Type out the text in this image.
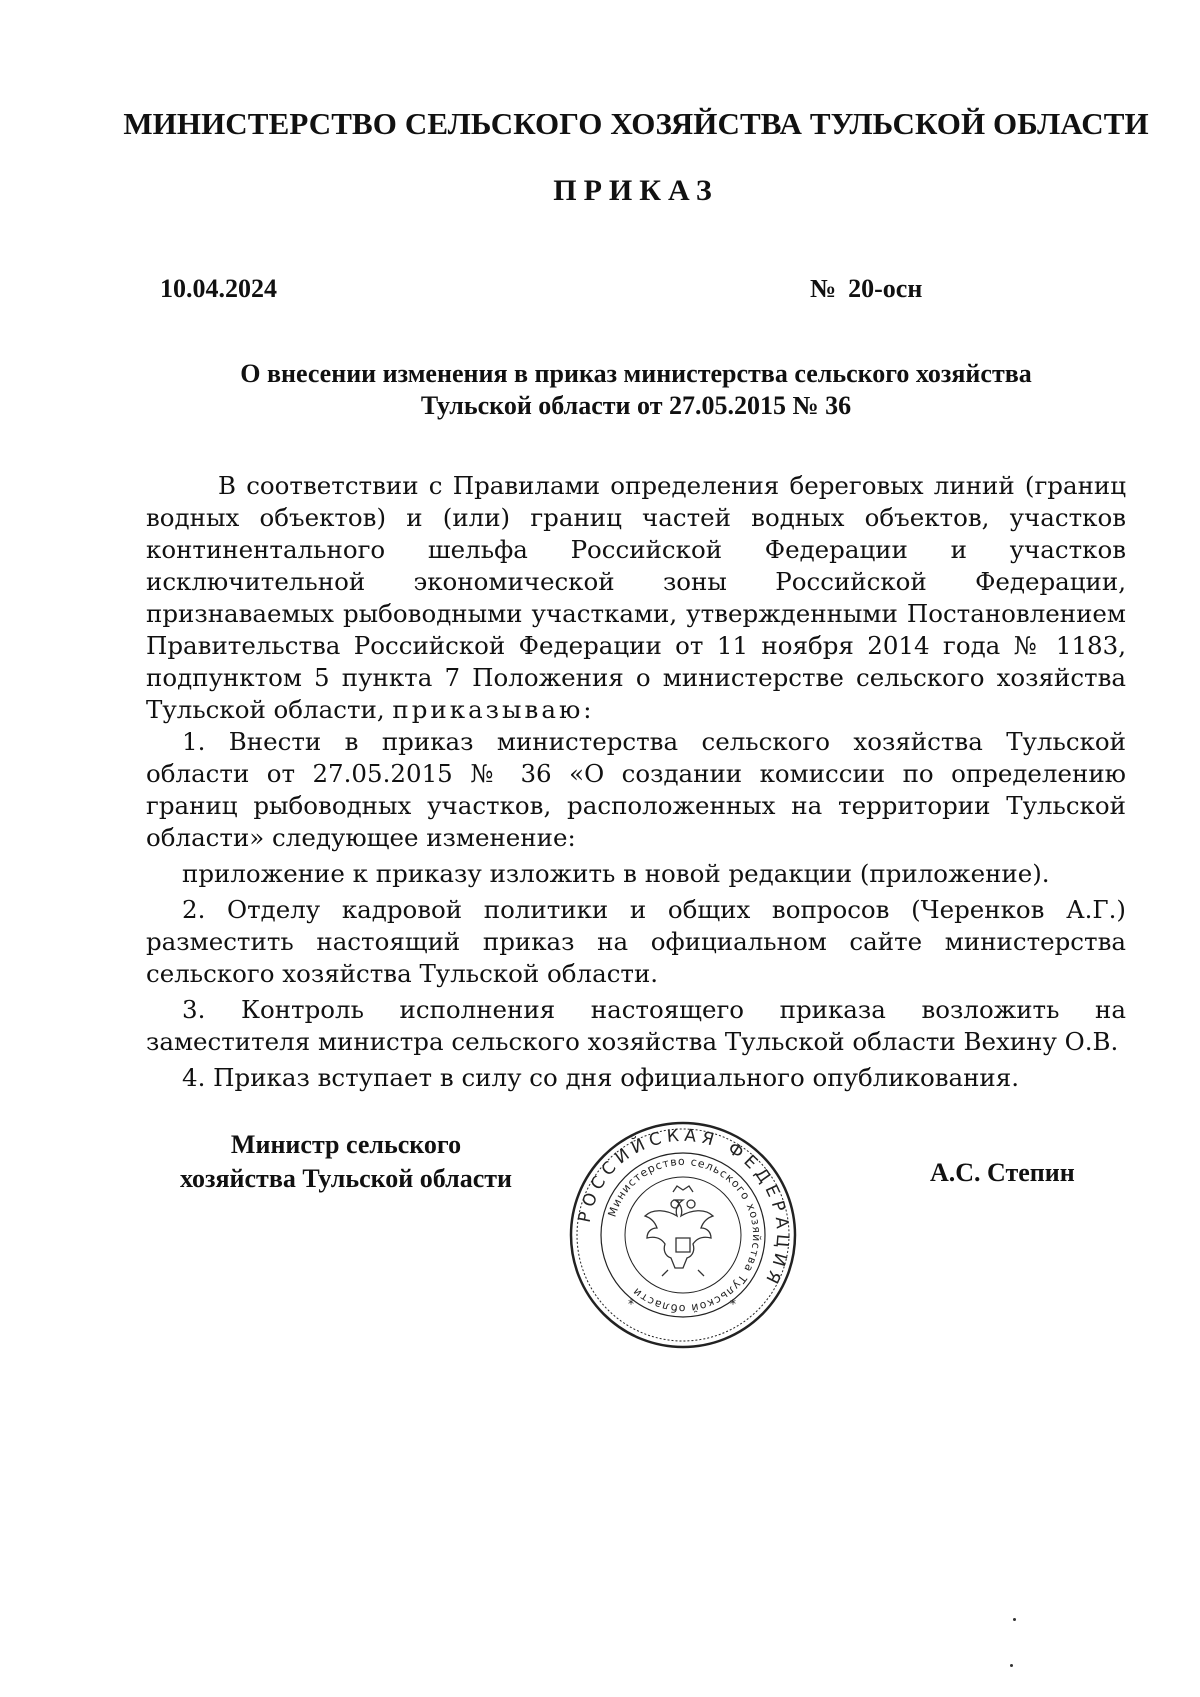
МИНИСТЕРСТВО СЕЛЬСКОГО ХОЗЯЙСТВА ТУЛЬСКОЙ ОБЛАСТИ
ПРИКАЗ
10.04.2024	№ 20-осн
О внесении изменения в приказ министерства сельского хозяйства
Тульской области от 27.05.2015 № 36

В соответствии с Правилами определения береговых линий (границ водных объектов) и (или) границ частей водных объектов, участков континентального шельфа Российской Федерации и участков исключительной экономической зоны Российской Федерации, признаваемых рыбоводными участками, утвержденными Постановлением Правительства Российской Федерации от 11 ноября 2014 года № 1183, подпунктом 5 пункта 7 Положения о министерстве сельского хозяйства Тульской области, приказываю:

1. Внести в приказ министерства сельского хозяйства Тульской области от 27.05.2015 № 36 «О создании комиссии по определению границ рыбоводных участков, расположенных на территории Тульской области» следующее изменение:

приложение к приказу изложить в новой редакции (приложение).

2. Отделу кадровой политики и общих вопросов (Черенков А.Г.) разместить настоящий приказ на официальном сайте министерства сельского хозяйства Тульской области.

3. Контроль исполнения настоящего приказа возложить на заместителя министра сельского хозяйства Тульской области Вехину О.В.

4. Приказ вступает в силу со дня официального опубликования.

Министр сельского
хозяйства Тульской области	А.С. Степин
РОССИЙСКАЯ ФЕДЕРАЦИЯ
Министерство сельского хозяйства Тульской области
*	*
